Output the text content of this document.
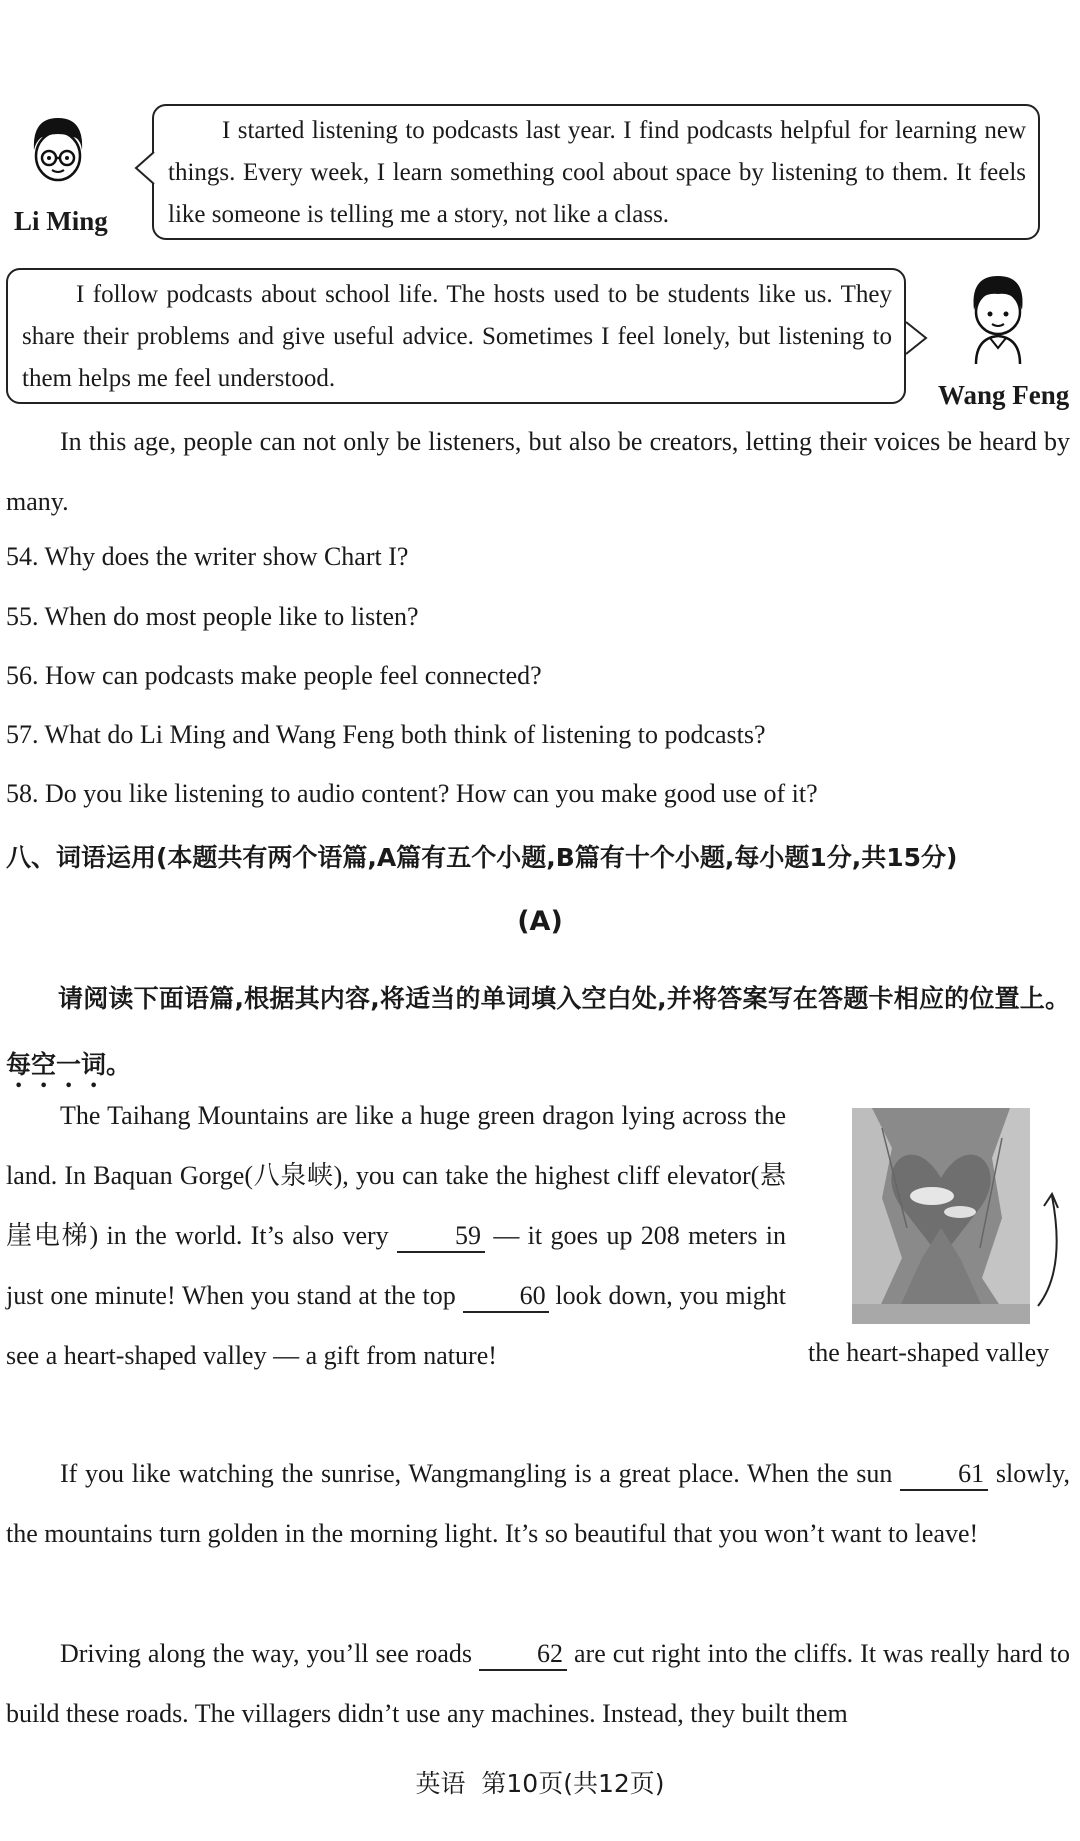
Li Ming
I started listening to podcasts last year. I find podcasts helpful for learning new things. Every week, I learn something cool about space by listening to them. It feels like someone is telling me a story, not like a class.
I follow podcasts about school life. The hosts used to be students like us. They share their problems and give useful advice. Sometimes I feel lonely, but listening to them helps me feel understood.
Wang Feng
In this age, people can not only be listeners, but also be creators, letting their voices be heard by many.
54. Why does the writer show Chart I?
55. When do most people like to listen?
56. How can podcasts make people feel connected?
57. What do Li Ming and Wang Feng both think of listening to podcasts?
58. Do you like listening to audio content? How can you make good use of it?
八、词语运用(本题共有两个语篇,A篇有五个小题,B篇有十个小题,每小题1分,共15分)
(A)
请阅读下面语篇,根据其内容,将适当的单词填入空白处,并将答案写在答题卡相应的位置上。每空一词。
The Taihang Mountains are like a huge green dragon lying across the land. In Baquan Gorge(八泉峡), you can take the highest cliff elevator(悬崖电梯) in the world. It’s also very	59 — it goes up 208 meters in just one minute! When you stand at the top 60 look down, you might see a heart-shaped valley — a gift from nature!	the heart-shaped valley
If you like watching the sunrise, Wangmangling is a great place. When the sun	61 slowly, the mountains turn golden in the morning light. It’s so beautiful that you won’t want to leave!
Driving along the way, you’ll see roads 62 are cut right into the cliffs. It was really hard to build these roads. The villagers didn’t use any machines. Instead, they built them
英语  第10页(共12页)
